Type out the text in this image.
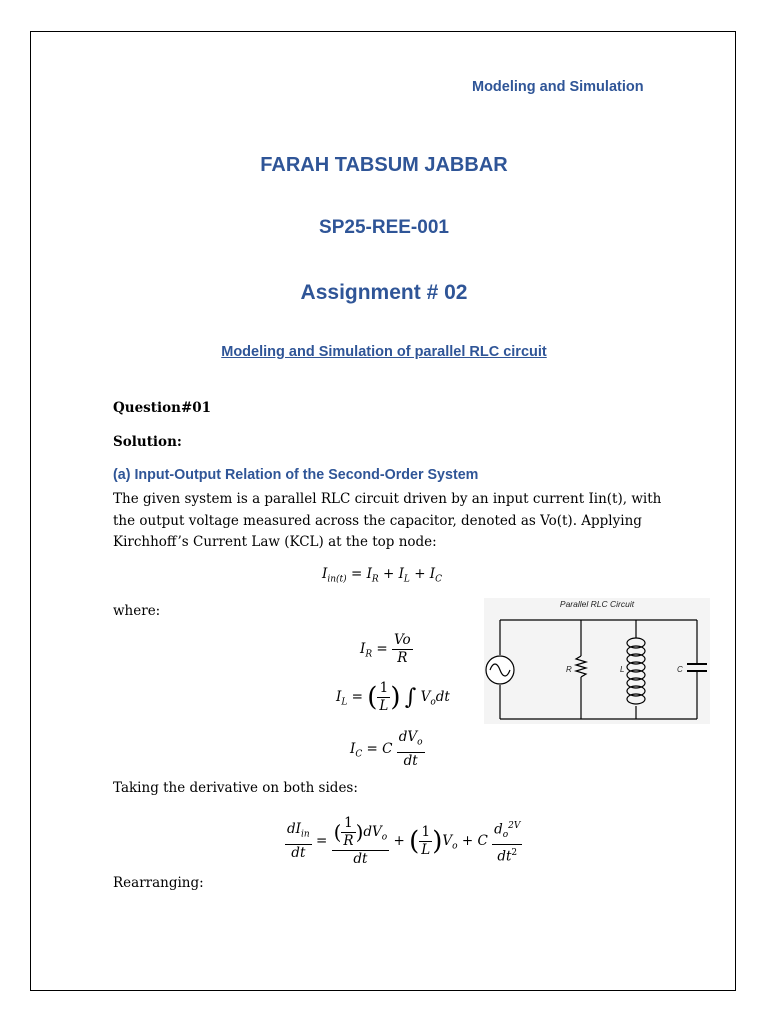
Modeling and Simulation
FARAH TABSUM JABBAR
SP25-REE-001
Assignment # 02
Modeling and Simulation of parallel RLC circuit
Question#01
Solution:
(a) Input-Output Relation of the Second-Order System
The given system is a parallel RLC circuit driven by an input current Iin(t), with the output voltage measured across the capacitor, denoted as Vo(t). Applying Kirchhoff’s Current Law (KCL) at the top node:
$I_{in(t)} = I_R + I_L + I_C$
where:
$I_R = \frac{Vo}{R}$
$I_L$ = ( $\frac{1}{L}$ ) ∫ $V_odt$
$I_C = C \frac{dV_o}{dt}$
Taking the derivative on both sides:
$\frac{dI_{in}}{dt} = \frac{( \frac{1}{R} )dV_o}{dt}$ + ( $\frac{1}{L} )V_o + C \frac{d_o^{2V}}{dt^2}$
Rearranging:
Parallel RLC Circuit
R	L	C
